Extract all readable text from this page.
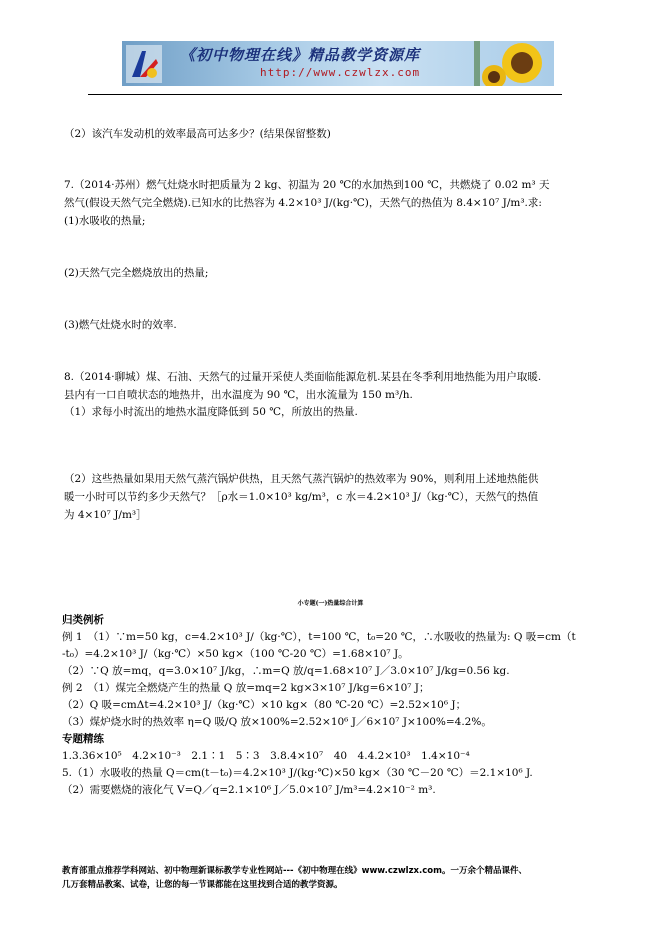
《初中物理在线》精品教学资源库
http://www.czwlzx.com
（2）该汽车发动机的效率最高可达多少？(结果保留整数)
7.（2014·苏州）燃气灶烧水时把质量为 2 kg、初温为 20 ℃的水加热到100 ℃，共燃烧了 0.02 m³ 天
然气(假设天然气完全燃烧).已知水的比热容为 4.2×10³ J/(kg·℃)，天然气的热值为 8.4×10⁷ J/m³.求:
(1)水吸收的热量;
(2)天然气完全燃烧放出的热量;
(3)燃气灶烧水时的效率.
8.（2014·聊城）煤、石油、天然气的过量开采使人类面临能源危机.某县在冬季利用地热能为用户取暖.
县内有一口自喷状态的地热井，出水温度为 90 ℃，出水流量为 150 m³/h.
（1）求每小时流出的地热水温度降低到 50 ℃，所放出的热量.
（2）这些热量如果用天然气蒸汽锅炉供热，且天然气蒸汽锅炉的热效率为 90%，则利用上述地热能供
暖一小时可以节约多少天然气？［ρ水＝1.0×10³ kg/m³，c 水＝4.2×10³ J/（kg·℃），天然气的热值
为 4×10⁷ J/m³］
小专题(一)热量综合计算
归类例析
例 1　（1）∵m=50 kg，c=4.2×10³ J/（kg·℃），t=100 ℃，t₀=20 ℃，∴水吸收的热量为: Q 吸=cm（t
-t₀）=4.2×10³ J/（kg·℃）×50 kg×（100 ℃-20 ℃）=1.68×10⁷ J。
（2）∵Q 放=mq，q=3.0×10⁷ J/kg，∴m=Q 放/q=1.68×10⁷ J／3.0×10⁷ J/kg=0.56 kg.
例 2　（1）煤完全燃烧产生的热量 Q 放=mq=2 kg×3×10⁷ J/kg=6×10⁷ J；
（2）Q 吸=cmΔt=4.2×10³ J/（kg·℃）×10 kg×（80 ℃-20 ℃）=2.52×10⁶ J；
（3）煤炉烧水时的热效率 η=Q 吸/Q 放×100%=2.52×10⁶ J／6×10⁷ J×100%=4.2%。
专题精练
1.3.36×10⁵　4.2×10⁻³　2.1∶1　5∶3　3.8.4×10⁷　40　4.4.2×10³　1.4×10⁻⁴
5.（1）水吸收的热量 Q＝cm(t－t₀)＝4.2×10³ J/(kg·℃)×50 kg×（30 ℃－20 ℃）＝2.1×10⁶ J.
（2）需要燃烧的液化气 V=Q／q=2.1×10⁶ J／5.0×10⁷ J/m³=4.2×10⁻² m³.
教育部重点推荐学科网站、初中物理新课标教学专业性网站---《初中物理在线》www.czwlzx.com。一万余个精品课件、
几万套精品教案、试卷，让您的每一节课都能在这里找到合适的教学资源。
